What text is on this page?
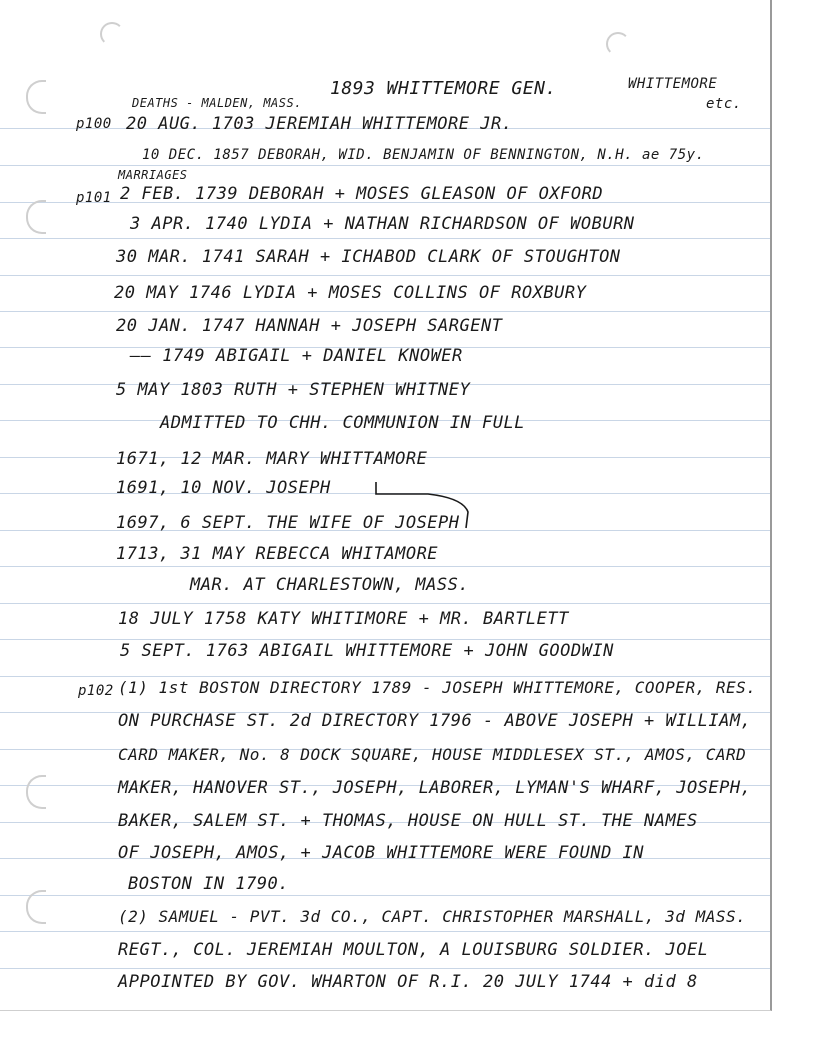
1893 WHITTEMORE GEN.	WHITTEMORE
etc.
DEATHS - MALDEN, MASS.
p100
p101
p102
20 AUG. 1703 JEREMIAH WHITTEMORE JR.
10 DEC. 1857 DEBORAH, WID. BENJAMIN OF BENNINGTON, N.H. ae 75y.
MARRIAGES
2 FEB. 1739 DEBORAH + MOSES GLEASON OF OXFORD
3 APR. 1740 LYDIA + NATHAN RICHARDSON OF WOBURN
30 MAR. 1741 SARAH + ICHABOD CLARK OF STOUGHTON
20 MAY 1746 LYDIA + MOSES COLLINS OF ROXBURY
20 JAN. 1747 HANNAH + JOSEPH SARGENT
—— 1749 ABIGAIL + DANIEL KNOWER
5 MAY 1803 RUTH + STEPHEN WHITNEY
ADMITTED TO CHH. COMMUNION IN FULL
1671, 12 MAR. MARY WHITTAMORE
1691, 10 NOV. JOSEPH
1697, 6 SEPT. THE WIFE OF JOSEPH
1713, 31 MAY REBECCA WHITAMORE
MAR. AT CHARLESTOWN, MASS.
18 JULY 1758 KATY WHITIMORE + MR. BARTLETT
5 SEPT. 1763 ABIGAIL WHITTEMORE + JOHN GOODWIN
(1) 1st BOSTON DIRECTORY 1789 - JOSEPH WHITTEMORE, COOPER, RES.
ON PURCHASE ST. 2d DIRECTORY 1796 - ABOVE JOSEPH + WILLIAM,
CARD MAKER, No. 8 DOCK SQUARE, HOUSE MIDDLESEX ST., AMOS, CARD
MAKER, HANOVER ST., JOSEPH, LABORER, LYMAN'S WHARF, JOSEPH,
BAKER, SALEM ST. + THOMAS, HOUSE ON HULL ST. THE NAMES
OF JOSEPH, AMOS, + JACOB WHITTEMORE WERE FOUND IN
BOSTON IN 1790.
(2) SAMUEL - PVT. 3d CO., CAPT. CHRISTOPHER MARSHALL, 3d MASS.
REGT., COL. JEREMIAH MOULTON, A LOUISBURG SOLDIER. JOEL
APPOINTED BY GOV. WHARTON OF R.I. 20 JULY 1744 + did 8
